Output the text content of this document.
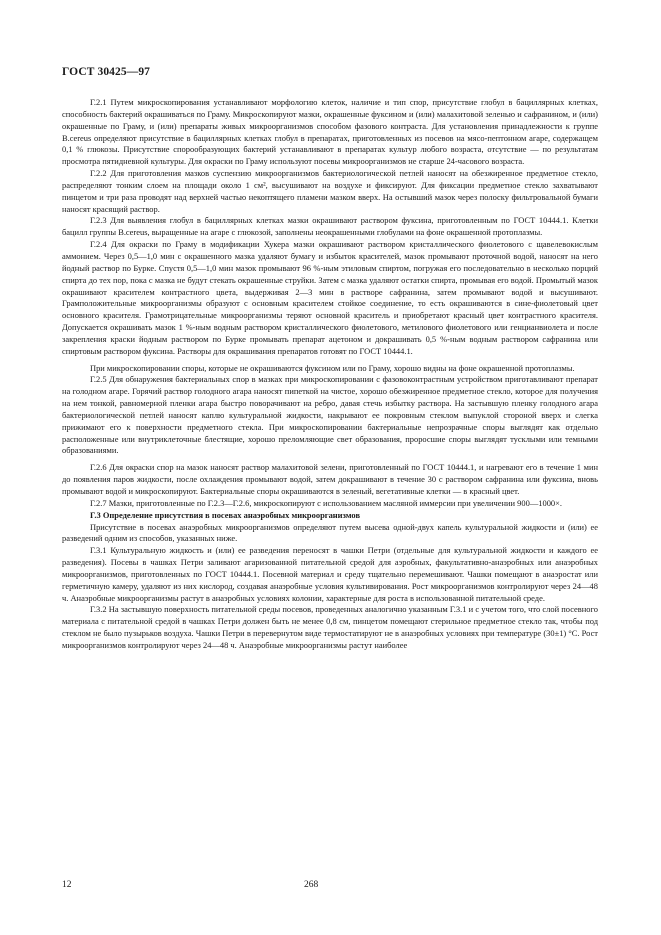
ГОСТ 30425—97

Г.2.1 Путем микроскопирования устанавливают морфологию клеток, наличие и тип спор, присутствие глобул в бациллярных клетках, способность бактерий окрашиваться по Граму. Микроскопируют мазки, окрашенные фуксином и (или) малахитовой зеленью и сафранином, и (или) окрашенные по Граму, и (или) препараты живых микроорганизмов способом фазового контраста. Для установления принадлежности к группе B.cereus определяют присутствие в бациллярных клетках глобул в препаратах, приготовленных из посевов на мясо-пептонном агаре, содержащем 0,1 % глюкозы. Присутствие спорообразующих бактерий устанавливают в препаратах культур любого возраста, отсутствие — по результатам просмотра пятидневной культуры. Для окраски по Граму используют посевы микроорганизмов не старше 24-часового возраста.

Г.2.2 Для приготовления мазков суспензию микроорганизмов бактериологической петлей наносят на обезжиренное предметное стекло, распределяют тонким слоем на площади около 1 см², высушивают на воздухе и фиксируют. Для фиксации предметное стекло захватывают пинцетом и три раза проводят над верхней частью некоптящего пламени мазком вверх. На остывший мазок через полоску фильтровальной бумаги наносят красящий раствор.

Г.2.3 Для выявления глобул в бациллярных клетках мазки окрашивают раствором фуксина, приготовленным по ГОСТ 10444.1. Клетки бацилл группы B.cereus, выращенные на агаре с глюкозой, заполнены неокрашенными глобулами на фоне окрашенной протоплазмы.

Г.2.4 Для окраски по Граму в модификации Хукера мазки окрашивают раствором кристаллического фиолетового с щавелевокислым аммонием. Через 0,5—1,0 мин с окрашенного мазка удаляют бумагу и избыток красителей, мазок промывают проточной водой, наносят на него йодный раствор по Бурке. Спустя 0,5—1,0 мин мазок промывают 96 %-ным этиловым спиртом, погружая его последовательно в несколько порций спирта до тех пор, пока с мазка не будут стекать окрашенные струйки. Затем с мазка удаляют остатки спирта, промывая его водой. Промытый мазок окрашивают красителем контрастного цвета, выдерживая 2—3 мин в растворе сафранина, затем промывают водой и высушивают. Грамположительные микроорганизмы образуют с основным красителем стойкое соединение, то есть окрашиваются в сине-фиолетовый цвет основного красителя. Грамотрицательные микроорганизмы теряют основной краситель и приобретают красный цвет контрастного красителя. Допускается окрашивать мазок 1 %-ным водным раствором кристаллического фиолетового, метилового фиолетового или генцианвиолета и после закрепления краски йодным раствором по Бурке промывать препарат ацетоном и докрашивать 0,5 %-ным водным раствором сафранина или спиртовым раствором фуксина. Растворы для окрашивания препаратов готовят по ГОСТ 10444.1.

При микроскопировании споры, которые не окрашиваются фуксином или по Граму, хорошо видны на фоне окрашенной протоплазмы.

Г.2.5 Для обнаружения бактериальных спор в мазках при микроскопировании с фазовоконтрастным устройством приготавливают препарат на голодном агаре. Горячий раствор голодного агара наносят пипеткой на чистое, хорошо обезжиренное предметное стекло, которое для получения на нем тонкой, равномерной пленки агара быстро поворачивают на ребро, давая стечь избытку раствора. На застывшую пленку голодного агара бактериологической петлей наносят каплю культуральной жидкости, накрывают ее покровным стеклом выпуклой стороной вверх и слегка прижимают его к поверхности предметного стекла. При микроскопировании бактериальные непрозрачные споры выглядят как отдельно расположенные или внутриклеточные блестящие, хорошо преломляющие свет образования, проросшие споры выглядят тусклыми или темными образованиями.

Г.2.6 Для окраски спор на мазок наносят раствор малахитовой зелени, приготовленный по ГОСТ 10444.1, и нагревают его в течение 1 мин до появления паров жидкости, после охлаждения промывают водой, затем докрашивают в течение 30 с раствором сафранина или фуксина, вновь промывают водой и микроскопируют. Бактериальные споры окрашиваются в зеленый, вегетативные клетки — в красный цвет.

Г.2.7 Мазки, приготовленные по Г.2.3—Г.2.6, микроскопируют с использованием масляной иммерсии при увеличении 900—1000×.

Г.3 Определение присутствия в посевах анаэробных микроорганизмов

Присутствие в посевах анаэробных микроорганизмов определяют путем высева одной-двух капель культуральной жидкости и (или) ее разведений одним из способов, указанных ниже.

Г.3.1 Культуральную жидкость и (или) ее разведения переносят в чашки Петри (отдельные для культуральной жидкости и каждого ее разведения). Посевы в чашках Петри заливают агаризованной питательной средой для аэробных, факультативно-анаэробных или анаэробных микроорганизмов, приготовленных по ГОСТ 10444.1. Посевной материал и среду тщательно перемешивают. Чашки помещают в анаэростат или герметичную камеру, удаляют из них кислород, создавая анаэробные условия культивирования. Рост микроорганизмов контролируют через 24—48 ч. Анаэробные микроорганизмы растут в анаэробных условиях колонии, характерные для роста в использованной питательной среде.

Г.3.2 На застывшую поверхность питательной среды посевов, проведенных аналогично указанным Г.3.1 и с учетом того, что слой посевного материала с питательной средой в чашках Петри должен быть не менее 0,8 см, пинцетом помещают стерильное предметное стекло так, чтобы под стеклом не было пузырьков воздуха. Чашки Петри в перевернутом виде термостатируют не в анаэробных условиях при температуре (30±1) °С. Рост микроорганизмов контролируют через 24—48 ч. Анаэробные микроорганизмы растут наиболее

12	268
